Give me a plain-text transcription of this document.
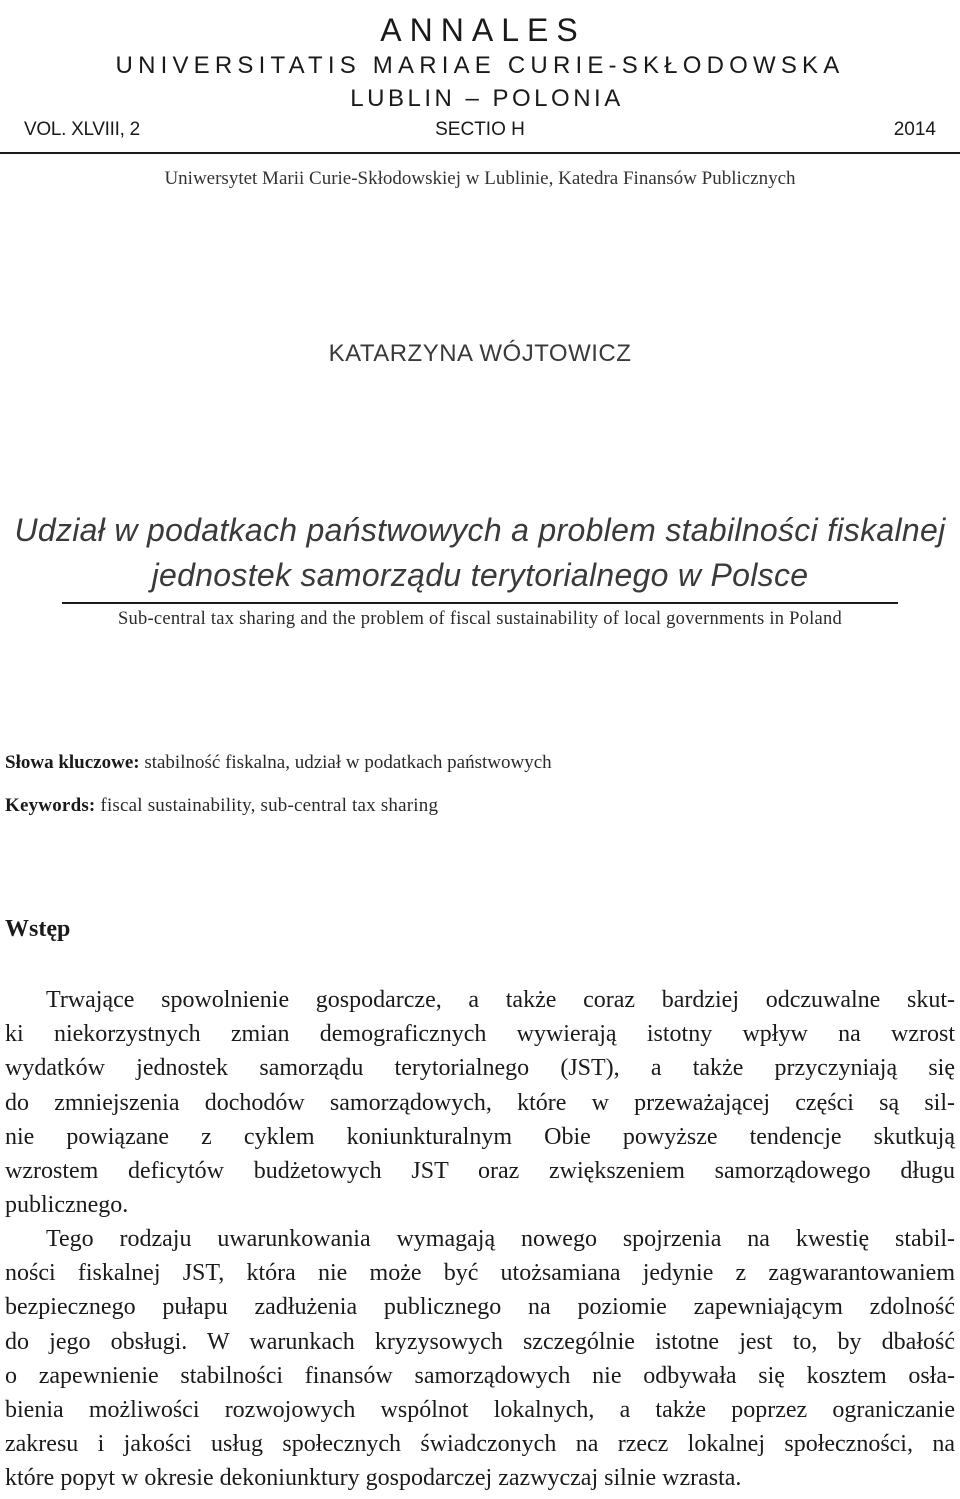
ANNALES
UNIVERSITATIS MARIAE CURIE-SKŁODOWSKA
LUBLIN – POLONIA
VOL. XLVIII, 2	SECTIO H	2014
Uniwersytet Marii Curie-Skłodowskiej w Lublinie, Katedra Finansów Publicznych
KATARZYNA WÓJTOWICZ
Udział w podatkach państwowych a problem stabilności fiskalnej
jednostek samorządu terytorialnego w Polsce
Sub-central tax sharing and the problem of fiscal sustainability of local governments in Poland
Słowa kluczowe: stabilność fiskalna, udział w podatkach państwowych
Keywords: fiscal sustainability, sub-central tax sharing
Wstęp
Trwające spowolnienie gospodarcze, a także coraz bardziej odczuwalne skut-
ki niekorzystnych zmian demograficznych wywierają istotny wpływ na wzrost
wydatków jednostek samorządu terytorialnego (JST), a także przyczyniają się
do zmniejszenia dochodów samorządowych, które w przeważającej części są sil-
nie powiązane z cyklem koniunkturalnym Obie powyższe tendencje skutkują
wzrostem deficytów budżetowych JST oraz zwiększeniem samorządowego długu
publicznego.
Tego rodzaju uwarunkowania wymagają nowego spojrzenia na kwestię stabil-
ności fiskalnej JST, która nie może być utożsamiana jedynie z zagwarantowaniem
bezpiecznego pułapu zadłużenia publicznego na poziomie zapewniającym zdolność
do jego obsługi. W warunkach kryzysowych szczególnie istotne jest to, by dbałość
o zapewnienie stabilności finansów samorządowych nie odbywała się kosztem osła-
bienia możliwości rozwojowych wspólnot lokalnych, a także poprzez ograniczanie
zakresu i jakości usług społecznych świadczonych na rzecz lokalnej społeczności, na
które popyt w okresie dekoniunktury gospodarczej zazwyczaj silnie wzrasta.
